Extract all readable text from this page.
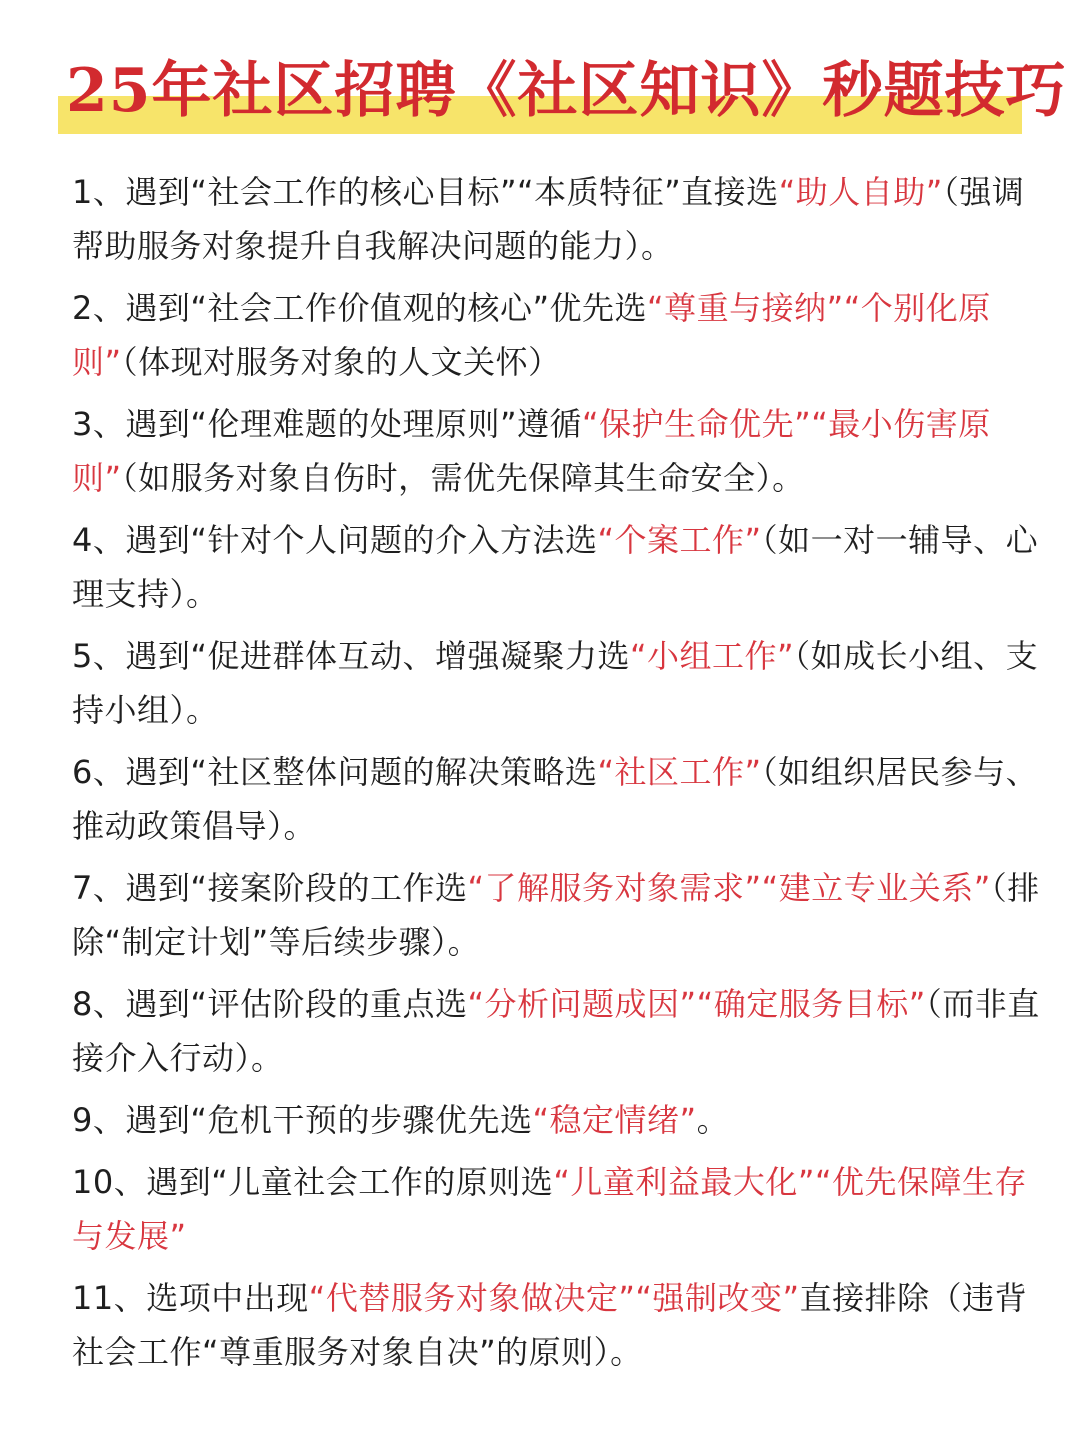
25年社区招聘《社区知识》秒题技巧

1、遇到“社会工作的核心目标”“本质特征”直接选“助人自助”（强调帮助服务对象提升自我解决问题的能力）。

2、遇到“社会工作价值观的核心”优先选“尊重与接纳”“个别化原则”（体现对服务对象的人文关怀）

3、遇到“伦理难题的处理原则”遵循“保护生命优先”“最小伤害原则”（如服务对象自伤时，需优先保障其生命安全）。

4、遇到“针对个人问题的介入方法选“个案工作”（如一对一辅导、心理支持）。

5、遇到“促进群体互动、增强凝聚力选“小组工作”（如成长小组、支持小组）。

6、遇到“社区整体问题的解决策略选“社区工作”（如组织居民参与、推动政策倡导）。

7、遇到“接案阶段的工作选“了解服务对象需求”“建立专业关系”（排除“制定计划”等后续步骤）。

8、遇到“评估阶段的重点选“分析问题成因”“确定服务目标”（而非直接介入行动）。

9、遇到“危机干预的步骤优先选“稳定情绪”。

10、遇到“儿童社会工作的原则选“儿童利益最大化”“优先保障生存与发展”

11、选项中出现“代替服务对象做决定”“强制改变”直接排除（违背社会工作“尊重服务对象自决”的原则）。
